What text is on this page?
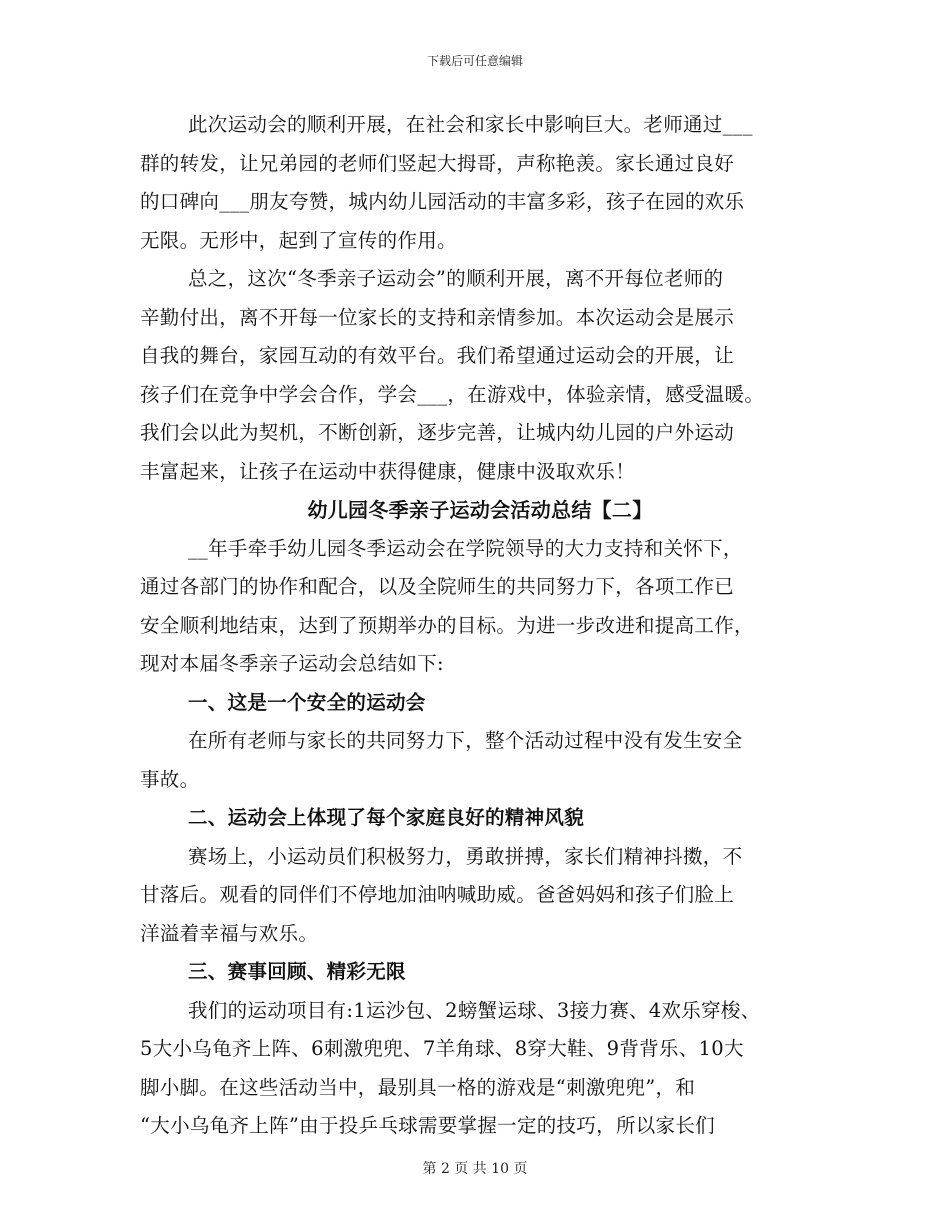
下载后可任意编辑
此次运动会的顺利开展，在社会和家长中影响巨大。老师通过___
群的转发，让兄弟园的老师们竖起大拇哥，声称艳羡。家长通过良好
的口碑向___朋友夸赞，城内幼儿园活动的丰富多彩，孩子在园的欢乐
无限。无形中，起到了宣传的作用。
总之，这次“冬季亲子运动会”的顺利开展，离不开每位老师的
辛勤付出，离不开每一位家长的支持和亲情参加。本次运动会是展示
自我的舞台，家园互动的有效平台。我们希望通过运动会的开展，让
孩子们在竞争中学会合作，学会___，在游戏中，体验亲情，感受温暖。
我们会以此为契机，不断创新，逐步完善，让城内幼儿园的户外运动
丰富起来，让孩子在运动中获得健康，健康中汲取欢乐！
幼儿园冬季亲子运动会活动总结【二】
__年手牵手幼儿园冬季运动会在学院领导的大力支持和关怀下，
通过各部门的协作和配合，以及全院师生的共同努力下，各项工作已
安全顺利地结束，达到了预期举办的目标。为进一步改进和提高工作，
现对本届冬季亲子运动会总结如下:
一、这是一个安全的运动会
在所有老师与家长的共同努力下，整个活动过程中没有发生安全
事故。
二、运动会上体现了每个家庭良好的精神风貌
赛场上，小运动员们积极努力，勇敢拼搏，家长们精神抖擞，不
甘落后。观看的同伴们不停地加油呐喊助威。爸爸妈妈和孩子们脸上
洋溢着幸福与欢乐。
三、赛事回顾、精彩无限
我们的运动项目有:1运沙包、2螃蟹运球、3接力赛、4欢乐穿梭、
5大小乌龟齐上阵、6刺激兜兜、7羊角球、8穿大鞋、9背背乐、10大
脚小脚。在这些活动当中，最别具一格的游戏是“刺激兜兜”，和
“大小乌龟齐上阵”由于投乒乓球需要掌握一定的技巧，所以家长们
第 2 页 共 10 页
